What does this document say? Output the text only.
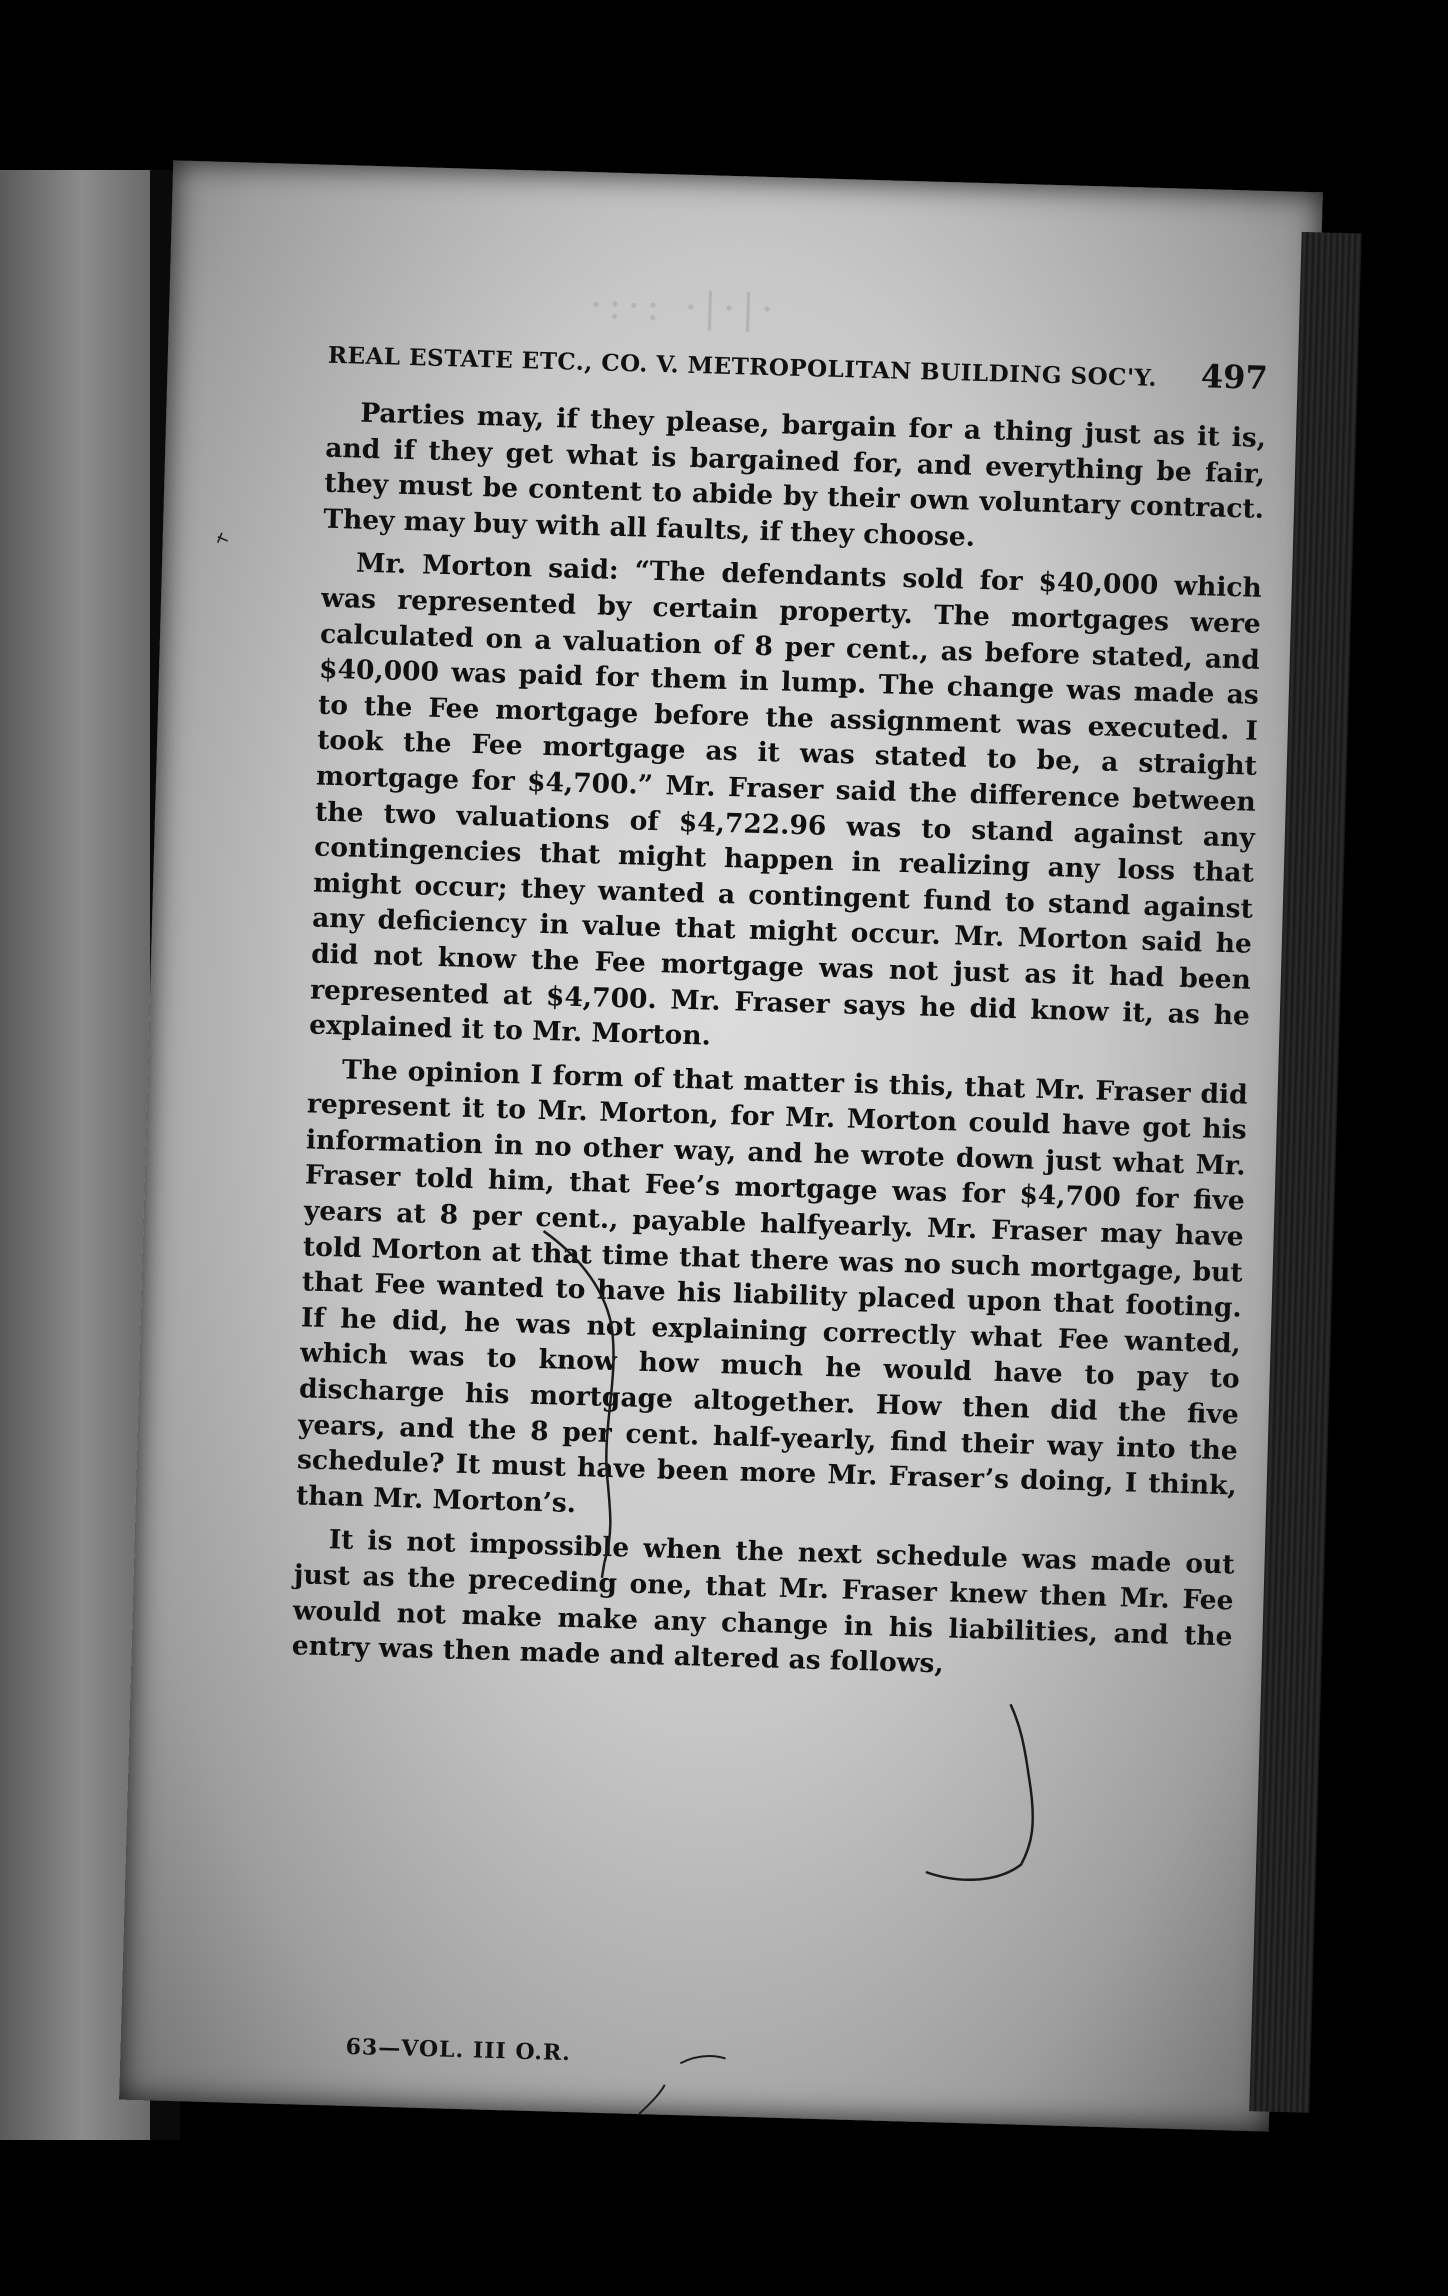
·:·: ·|·|·
REAL ESTATE ETC., CO. V. METROPOLITAN BUILDING SOC'Y. 497

Parties may, if they please, bargain for a thing just as it is, and if they get what is bargained for, and everything be fair, they must be content to abide by their own voluntary contract. They may buy with all faults, if they choose.

Mr. Morton said: “The defendants sold for $40,000 which was represented by certain property. The mortgages were calculated on a valuation of 8 per cent., as before stated, and $40,000 was paid for them in lump. The change was made as to the Fee mortgage before the assignment was executed. I took the Fee mortgage as it was stated to be, a straight mortgage for $4,700.” Mr. Fraser said the difference between the two valuations of $4,722.96 was to stand against any contingencies that might happen in realizing any loss that might occur; they wanted a contingent fund to stand against any deficiency in value that might occur. Mr. Morton said he did not know the Fee mortgage was not just as it had been represented at $4,700. Mr. Fraser says he did know it, as he explained it to Mr. Morton.

The opinion I form of that matter is this, that Mr. Fraser did represent it to Mr. Morton, for Mr. Morton could have got his information in no other way, and he wrote down just what Mr. Fraser told him, that Fee’s mortgage was for $4,700 for five years at 8 per cent., payable halfyearly. Mr. Fraser may have told Morton at that time that there was no such mortgage, but that Fee wanted to have his liability placed upon that footing. If he did, he was not explaining correctly what Fee wanted, which was to know how much he would have to pay to discharge his mortgage altogether. How then did the five years, and the 8 per cent. half-yearly, find their way into the schedule? It must have been more Mr. Fraser’s doing, I think, than Mr. Morton’s.

It is not impossible when the next schedule was made out just as the preceding one, that Mr. Fraser knew then Mr. Fee would not make make any change in his liabilities, and the entry was then made and altered as follows,

63—VOL. III O.R.
